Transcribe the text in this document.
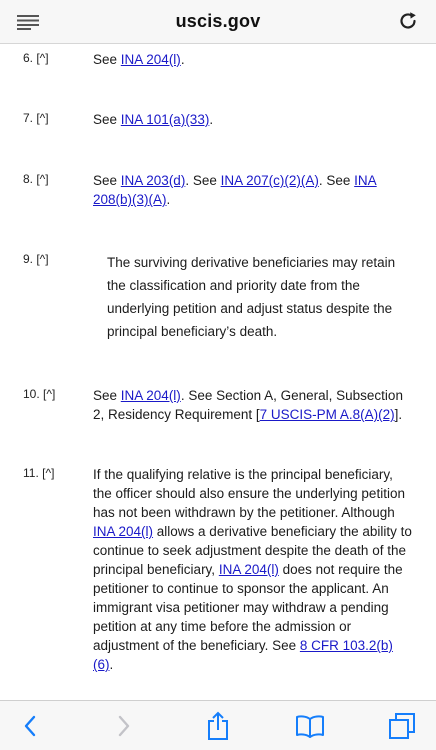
uscis.gov
6. [^]	See INA 204(l).
7. [^]	See INA 101(a)(33).
8. [^]	See INA 203(d). See INA 207(c)(2)(A). See INA 208(b)(3)(A).
9. [^]	The surviving derivative beneficiaries may retain the classification and priority date from the underlying petition and adjust status despite the principal beneficiary’s death.
10. [^]	See INA 204(l). See Section A, General, Subsection 2, Residency Requirement [7 USCIS-PM A.8(A)(2)].
11. [^]	If the qualifying relative is the principal beneficiary, the officer should also ensure the underlying petition has not been withdrawn by the petitioner. Although INA 204(l) allows a derivative beneficiary the ability to continue to seek adjustment despite the death of the principal beneficiary, INA 204(l) does not require the petitioner to continue to sponsor the applicant. An immigrant visa petitioner may withdraw a pending petition at any time before the admission or adjustment of the beneficiary. See 8 CFR 103.2(b)(6).
